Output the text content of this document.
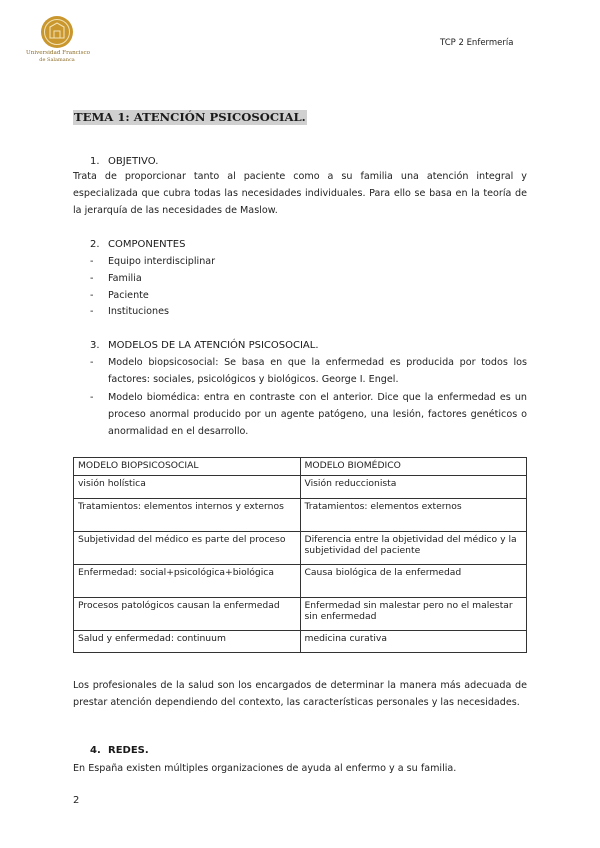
Universidad Francisco
de Salamanca
TCP 2 Enfermería
TEMA 1: ATENCIÓN PSICOSOCIAL.
1. OBJETIVO.
Trata de proporcionar tanto al paciente como a su familia una atención integral y especializada que cubra todas las necesidades individuales. Para ello se basa en la teoría de la jerarquía de las necesidades de Maslow.
2. COMPONENTES
- Equipo interdisciplinar
- Familia
- Paciente
- Instituciones
3. MODELOS DE LA ATENCIÓN PSICOSOCIAL.
- Modelo biopsicosocial: Se basa en que la enfermedad es producida por todos los factores: sociales, psicológicos y biológicos. George I. Engel.
- Modelo biomédica: entra en contraste con el anterior. Dice que la enfermedad es un proceso anormal producido por un agente patógeno, una lesión, factores genéticos o anormalidad en el desarrollo.
MODELO BIOPSICOSOCIAL	MODELO BIOMÉDICO
visión holística	Visión reduccionista
Tratamientos: elementos internos y externos	Tratamientos: elementos externos
Subjetividad del médico es parte del proceso	Diferencia entre la objetividad del médico y la subjetividad del paciente
Enfermedad: social+psicológica+biológica	Causa biológica de la enfermedad
Procesos patológicos causan la enfermedad	Enfermedad sin malestar pero no el malestar sin enfermedad
Salud y enfermedad: continuum	medicina curativa
Los profesionales de la salud son los encargados de determinar la manera más adecuada de prestar atención dependiendo del contexto, las características personales y las necesidades.
4. REDES.
En España existen múltiples organizaciones de ayuda al enfermo y a su familia.
2
